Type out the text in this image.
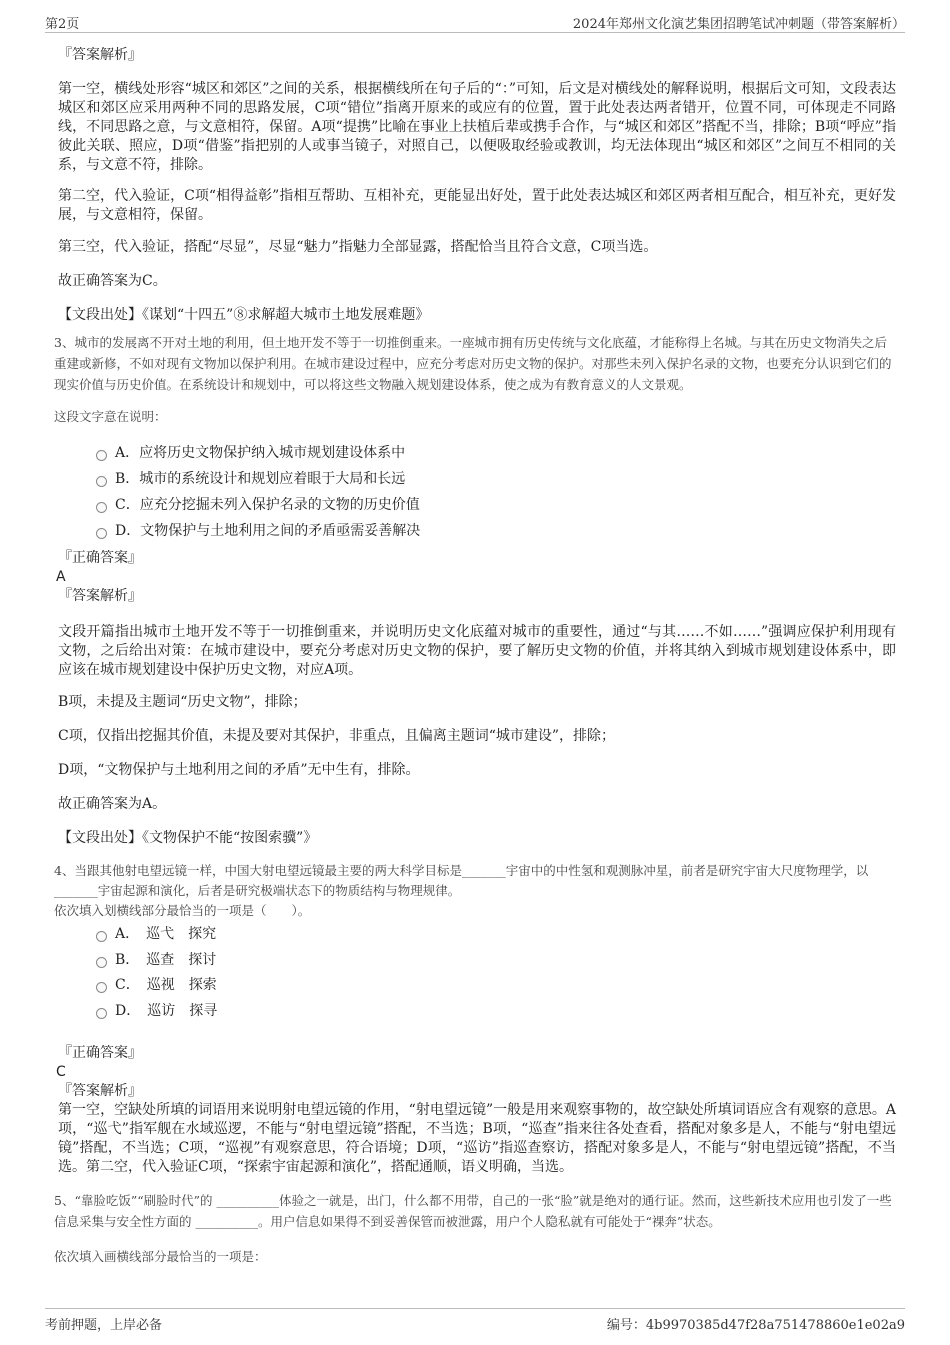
第2页	2024年郑州文化演艺集团招聘笔试冲刺题（带答案解析）

『答案解析』

第一空，横线处形容“城区和郊区”之间的关系，根据横线所在句子后的“：”可知，后文是对横线处的解释说明，根据后文可知，文段表达城区和郊区应采用两种不同的思路发展，C项“错位”指离开原来的或应有的位置，置于此处表达两者错开，位置不同，可体现走不同路线，不同思路之意，与文意相符，保留。A项“提携”比喻在事业上扶植后辈或携手合作，与“城区和郊区”搭配不当，排除；B项“呼应”指彼此关联、照应，D项“借鉴”指把别的人或事当镜子，对照自己，以便吸取经验或教训，均无法体现出“城区和郊区”之间互不相同的关系，与文意不符，排除。

第二空，代入验证，C项“相得益彰”指相互帮助、互相补充，更能显出好处，置于此处表达城区和郊区两者相互配合，相互补充，更好发展，与文意相符，保留。

第三空，代入验证，搭配“尽显”，尽显“魅力”指魅力全部显露，搭配恰当且符合文意，C项当选。

故正确答案为C。

【文段出处】《谋划“十四五”⑧求解超大城市土地发展难题》

3、城市的发展离不开对土地的利用，但土地开发不等于一切推倒重来。一座城市拥有历史传统与文化底蕴，才能称得上名城。与其在历史文物消失之后重建或新修，不如对现有文物加以保护利用。在城市建设过程中，应充分考虑对历史文物的保护。对那些未列入保护名录的文物，也要充分认识到它们的现实价值与历史价值。在系统设计和规划中，可以将这些文物融入规划建设体系，使之成为有教育意义的人文景观。

这段文字意在说明：

A．应将历史文物保护纳入城市规划建设体系中
B．城市的系统设计和规划应着眼于大局和长远
C．应充分挖掘未列入保护名录的文物的历史价值
D．文物保护与土地利用之间的矛盾亟需妥善解决

『正确答案』

A

『答案解析』

文段开篇指出城市土地开发不等于一切推倒重来，并说明历史文化底蕴对城市的重要性，通过“与其……不如……”强调应保护利用现有文物，之后给出对策：在城市建设中，要充分考虑对历史文物的保护，要了解历史文物的价值，并将其纳入到城市规划建设体系中，即应该在城市规划建设中保护历史文物，对应A项。

B项，未提及主题词“历史文物”，排除；

C项，仅指出挖掘其价值，未提及要对其保护，非重点，且偏离主题词“城市建设”，排除；

D项，“文物保护与土地利用之间的矛盾”无中生有，排除。

故正确答案为A。

【文段出处】《文物保护不能“按图索骥”》

4、当跟其他射电望远镜一样，中国大射电望远镜最主要的两大科学目标是_______宇宙中的中性氢和观测脉冲星，前者是研究宇宙大尺度物理学，以_______宇宙起源和演化，后者是研究极端状态下的物质结构与物理规律。

依次填入划横线部分最恰当的一项是（　　）。

A．　巡弋　探究
B．　巡查　探讨
C．　巡视　探索
D．　巡访　探寻

『正确答案』

C

『答案解析』

第一空，空缺处所填的词语用来说明射电望远镜的作用，“射电望远镜”一般是用来观察事物的，故空缺处所填词语应含有观察的意思。A项，“巡弋”指军舰在水域巡逻，不能与“射电望远镜”搭配，不当选；B项，“巡查”指来往各处查看，搭配对象多是人，不能与“射电望远镜”搭配，不当选；C项，“巡视”有观察意思，符合语境；D项，“巡访”指巡查察访，搭配对象多是人，不能与“射电望远镜”搭配，不当选。第二空，代入验证C项，“探索宇宙起源和演化”，搭配通顺，语义明确，当选。

5、“靠脸吃饭”“刷脸时代”的 __________体验之一就是，出门，什么都不用带，自己的一张“脸”就是绝对的通行证。然而，这些新技术应用也引发了一些信息采集与安全性方面的 __________。用户信息如果得不到妥善保管而被泄露，用户个人隐私就有可能处于“裸奔”状态。

依次填入画横线部分最恰当的一项是：

考前押题，上岸必备	编号：4b9970385d47f28a751478860e1e02a9
